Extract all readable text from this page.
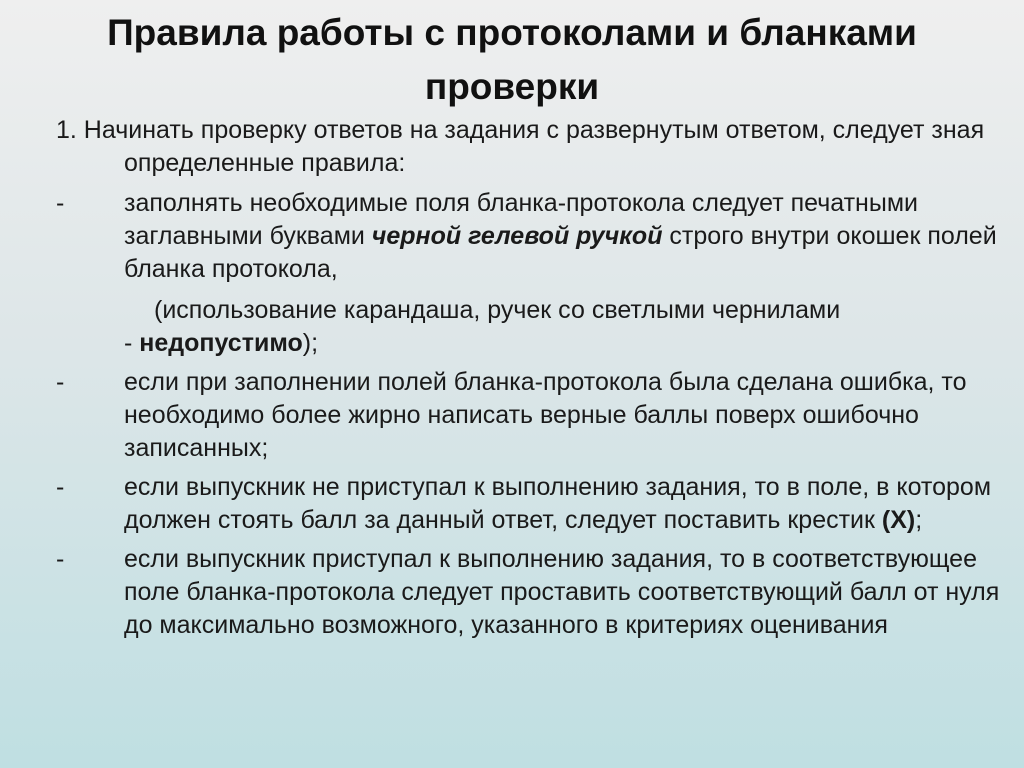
Правила работы с протоколами и бланками проверки
1. Начинать проверку ответов на задания с развернутым ответом, следует зная определенные правила:
-	заполнять необходимые поля бланка-протокола следует печатными заглавными буквами черной гелевой ручкой строго внутри окошек полей бланка протокола,
(использование карандаша, ручек со светлыми чернилами
- недопустимо);
-	если при заполнении полей бланка-протокола была сделана ошибка, то необходимо более жирно написать верные баллы поверх ошибочно записанных;
-	если выпускник не приступал к выполнению задания, то в поле, в котором должен стоять балл за данный ответ, следует поставить крестик (Х);
-	если выпускник приступал к выполнению задания, то в соответствующее поле бланка-протокола следует проставить соответствующий балл от нуля до максимально возможного, указанного в критериях оценивания
